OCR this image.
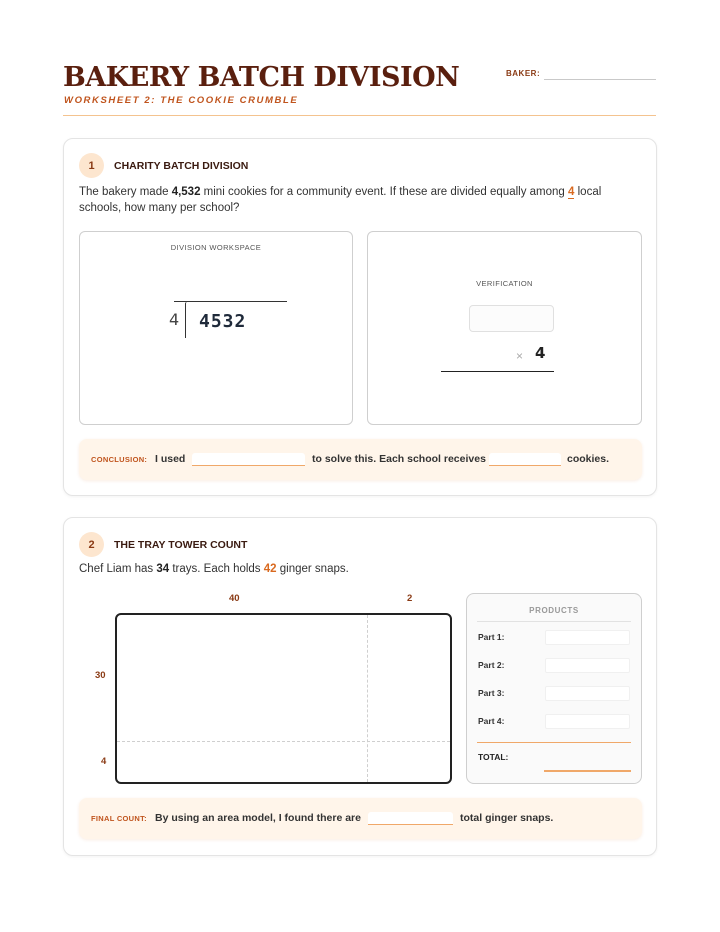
BAKERY BATCH DIVISION
WORKSHEET 2: THE COOKIE CRUMBLE
BAKER:
1	CHARITY BATCH DIVISION
The bakery made 4,532 mini cookies for a community event. If these are divided equally among 4 local schools, how many per school?
DIVISION WORKSPACE
4 4532
VERIFICATION
× 4
CONCLUSION: I used	to solve this. Each school receives	cookies.
2	THE TRAY TOWER COUNT
Chef Liam has 34 trays. Each holds 42 ginger snaps.
40	2
30
4
PRODUCTS
Part 1:
Part 2:
Part 3:
Part 4:
TOTAL:
FINAL COUNT: By using an area model, I found there are	total ginger snaps.
